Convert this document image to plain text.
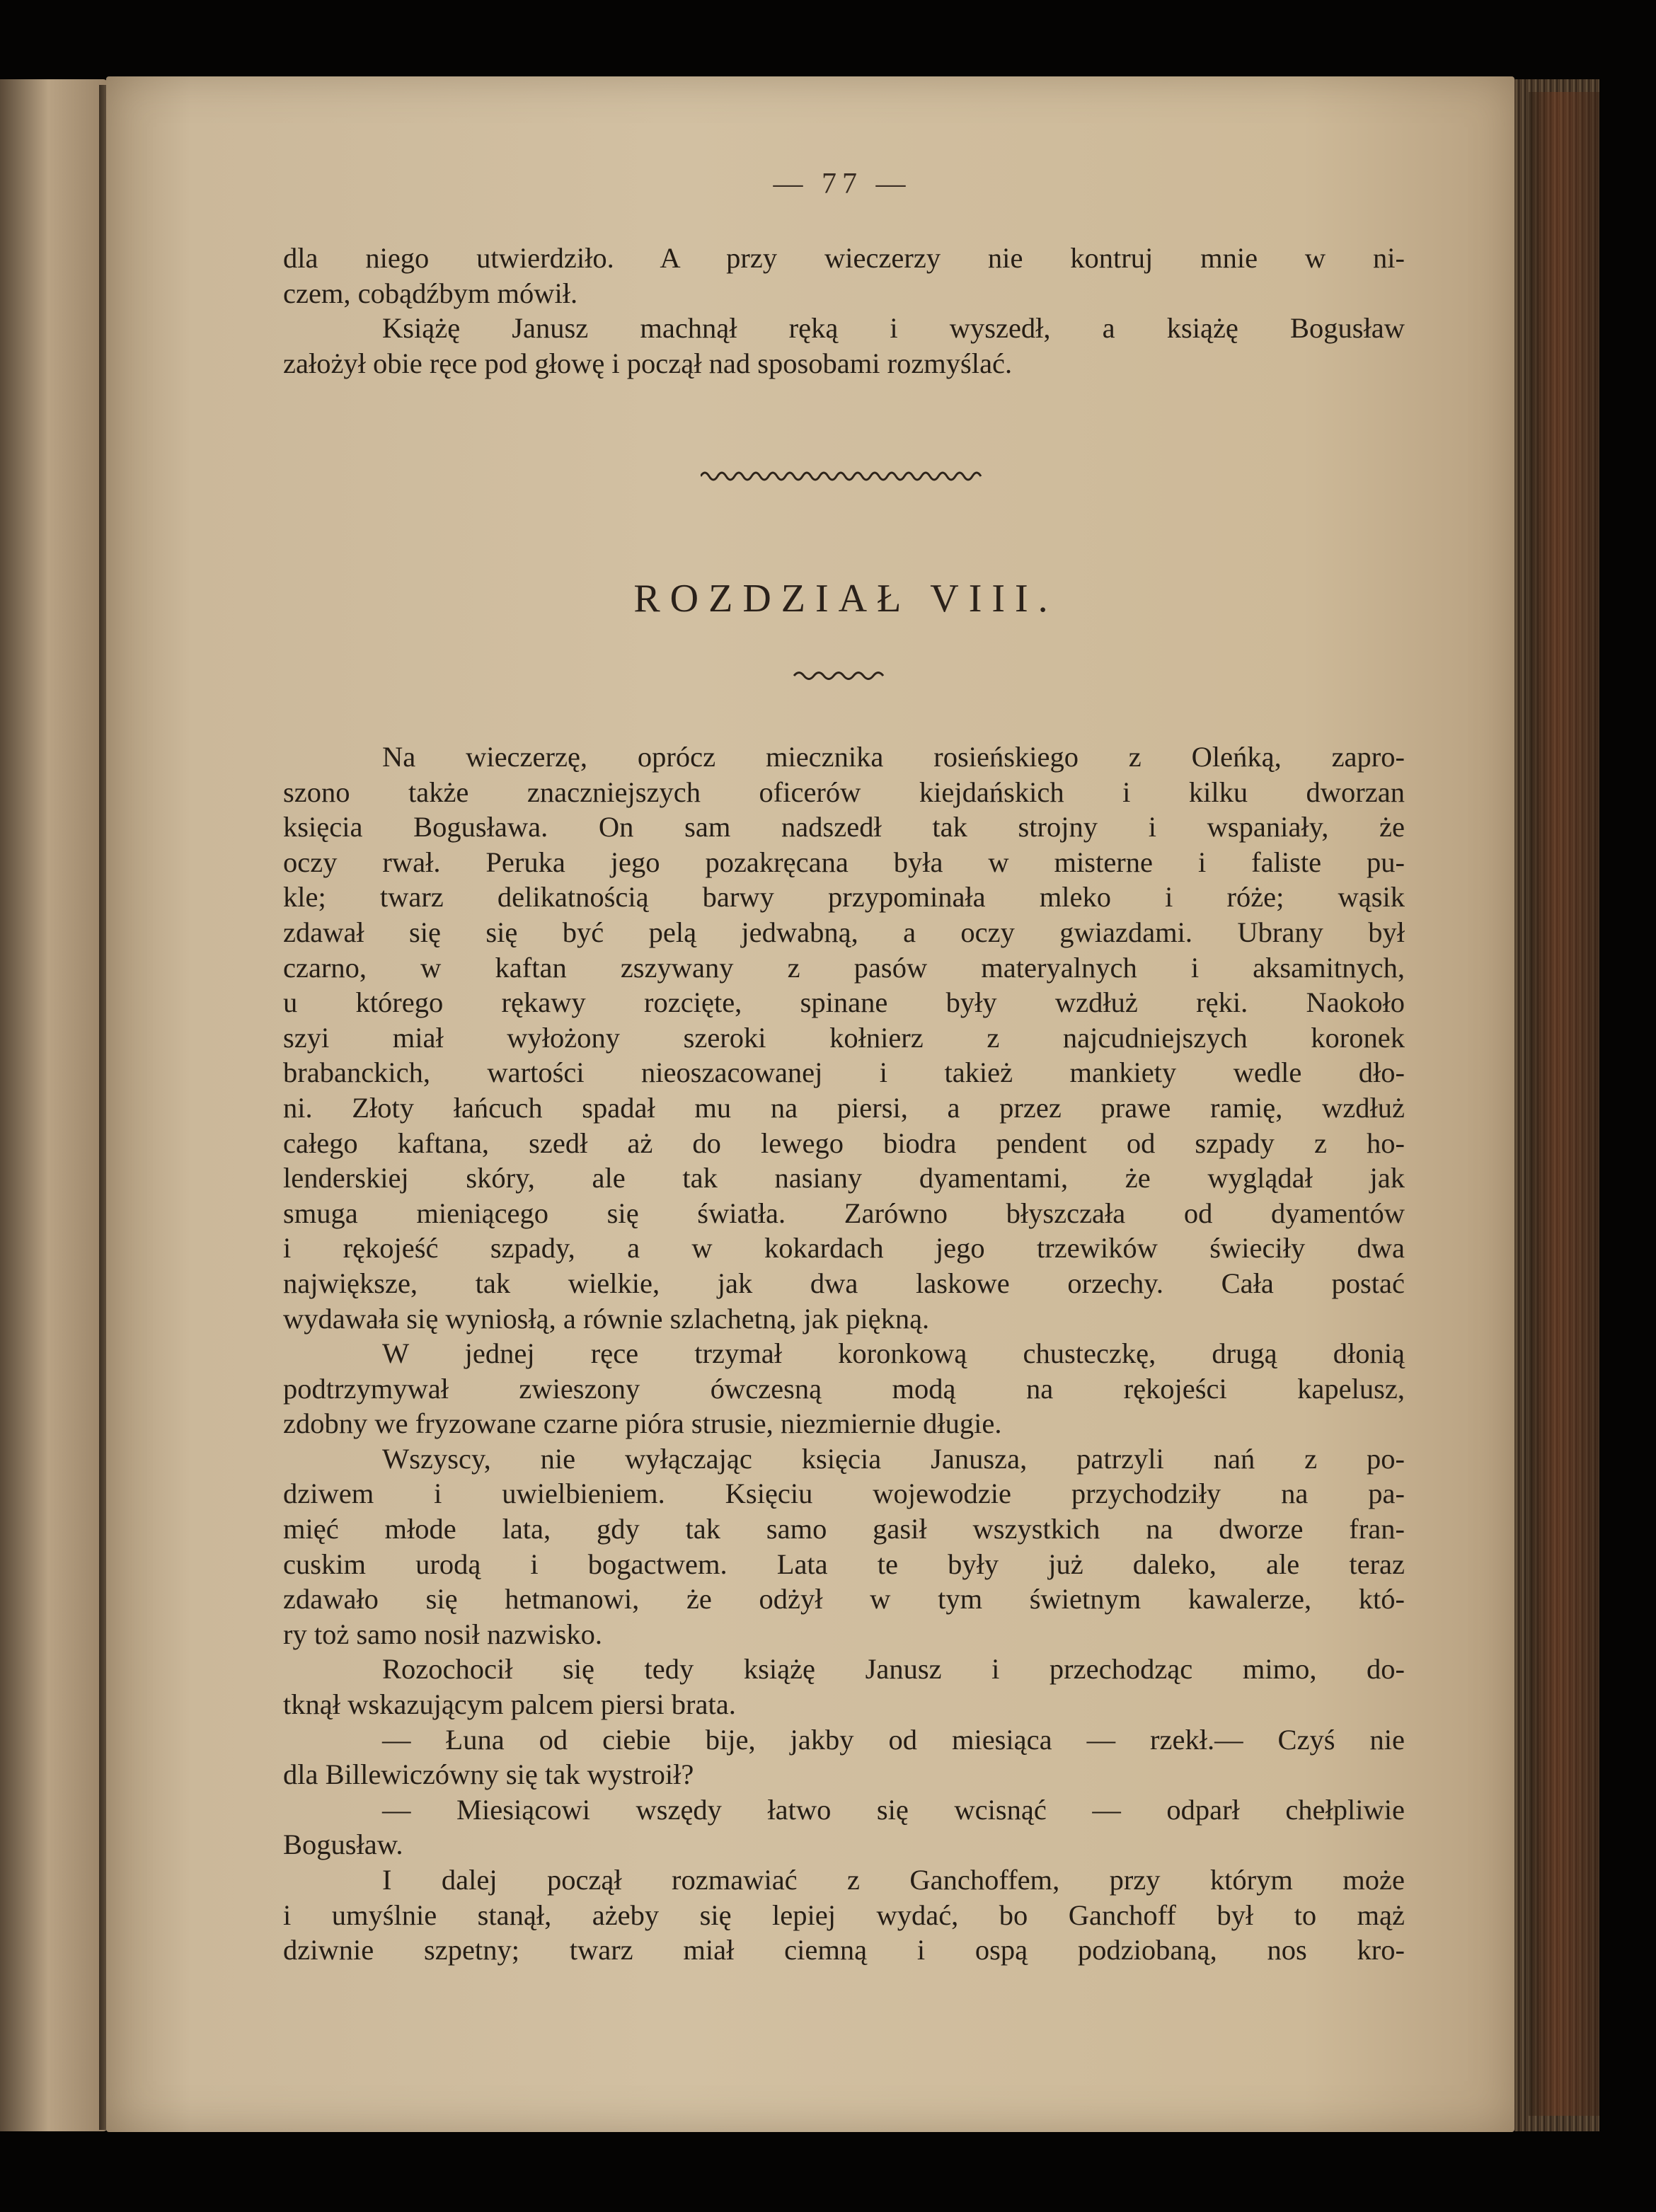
— 77 —

dla niego utwierdziło. A przy wieczerzy nie kontruj mnie w ni-
czem, cobądźbym mówił.
Książę Janusz machnął ręką i wyszedł, a książę Bogusław
założył obie ręce pod głowę i począł nad sposobami rozmyślać.

ROZDZIAŁ VIII.

Na wieczerzę, oprócz miecznika rosieńskiego z Oleńką, zapro-
szono także znaczniejszych oficerów kiejdańskich i kilku dworzan
księcia Bogusława. On sam nadszedł tak strojny i wspaniały, że
oczy rwał. Peruka jego pozakręcana była w misterne i faliste pu-
kle; twarz delikatnością barwy przypominała mleko i róże; wąsik
zdawał się się być pelą jedwabną, a oczy gwiazdami. Ubrany był
czarno, w kaftan zszywany z pasów materyalnych i aksamitnych,
u którego rękawy rozcięte, spinane były wzdłuż ręki. Naokoło
szyi miał wyłożony szeroki kołnierz z najcudniejszych koronek
brabanckich, wartości nieoszacowanej i takież mankiety wedle dło-
ni. Złoty łańcuch spadał mu na piersi, a przez prawe ramię, wzdłuż
całego kaftana, szedł aż do lewego biodra pendent od szpady z ho-
lenderskiej skóry, ale tak nasiany dyamentami, że wyglądał jak
smuga mieniącego się światła. Zarówno błyszczała od dyamentów
i rękojeść szpady, a w kokardach jego trzewików świeciły dwa
największe, tak wielkie, jak dwa laskowe orzechy. Cała postać
wydawała się wyniosłą, a równie szlachetną, jak piękną.
W jednej ręce trzymał koronkową chusteczkę, drugą dłonią
podtrzymywał zwieszony ówczesną modą na rękojeści kapelusz,
zdobny we fryzowane czarne pióra strusie, niezmiernie długie.
Wszyscy, nie wyłączając księcia Janusza, patrzyli nań z po-
dziwem i uwielbieniem. Księciu wojewodzie przychodziły na pa-
mięć młode lata, gdy tak samo gasił wszystkich na dworze fran-
cuskim urodą i bogactwem. Lata te były już daleko, ale teraz
zdawało się hetmanowi, że odżył w tym świetnym kawalerze, któ-
ry toż samo nosił nazwisko.
Rozochocił się tedy książę Janusz i przechodząc mimo, do-
tknął wskazującym palcem piersi brata.
— Łuna od ciebie bije, jakby od miesiąca — rzekł.— Czyś nie
dla Billewiczówny się tak wystroił?
— Miesiącowi wszędy łatwo się wcisnąć — odparł chełpliwie
Bogusław.
I dalej począł rozmawiać z Ganchoffem, przy którym może
i umyślnie stanął, ażeby się lepiej wydać, bo Ganchoff był to mąż
dziwnie szpetny; twarz miał ciemną i ospą podziobaną, nos kro-
